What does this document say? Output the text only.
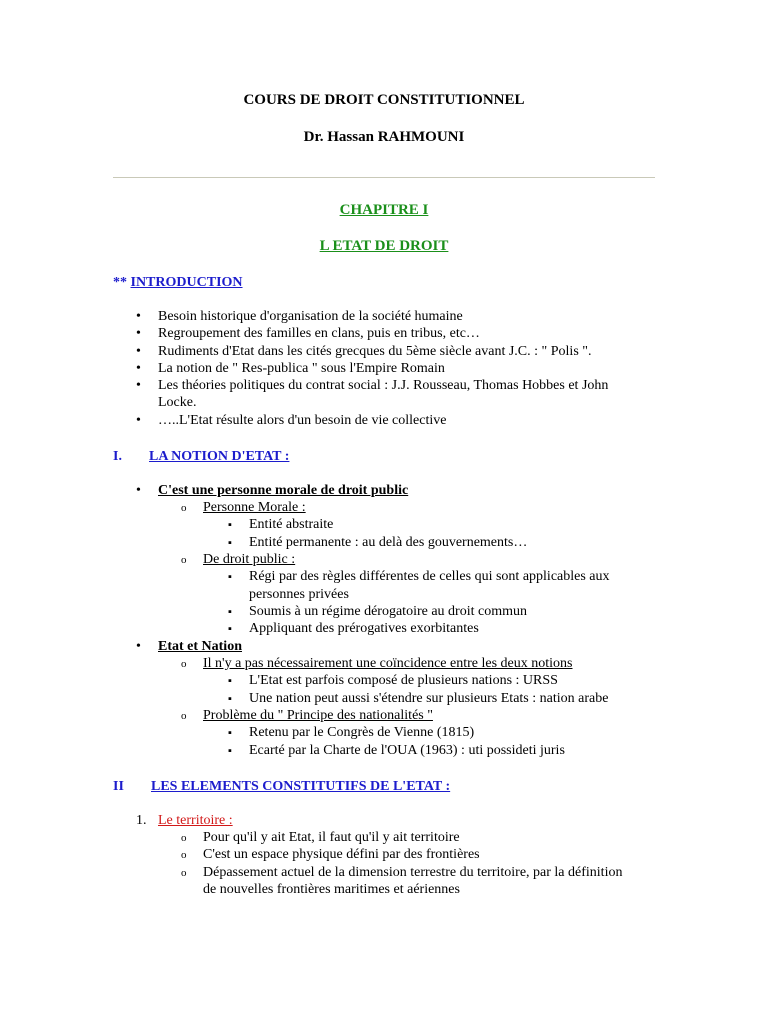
COURS DE DROIT CONSTITUTIONNEL
Dr. Hassan RAHMOUNI
CHAPITRE I
L ETAT DE DROIT
** INTRODUCTION
•
Besoin historique d'organisation de la société humaine
•
Regroupement des familles en clans, puis en tribus, etc…
•
Rudiments d'Etat dans les cités grecques du 5ème siècle avant J.C. : " Polis ".
•
La notion de " Res-publica " sous l'Empire Romain
•
Les théories politiques du contrat social : J.J. Rousseau, Thomas Hobbes et John
Locke.
•
…..L'Etat résulte alors d'un besoin de vie collective
I. LA NOTION D'ETAT :
•
C'est une personne morale de droit public
o
Personne Morale :
▪
Entité abstraite
▪
Entité permanente : au delà des gouvernements…
o
De droit public :
▪
Régi par des règles différentes de celles qui sont applicables aux
personnes privées
▪
Soumis à un régime dérogatoire au droit commun
▪
Appliquant des prérogatives exorbitantes
•
Etat et Nation
o
Il n'y a pas nécessairement une coïncidence entre les deux notions
▪
L'Etat est parfois composé de plusieurs nations : URSS
▪
Une nation peut aussi s'étendre sur plusieurs Etats : nation arabe
o
Problème du " Principe des nationalités "
▪
Retenu par le Congrès de Vienne (1815)
▪
Ecarté par la Charte de l'OUA (1963) : uti possideti juris
II LES ELEMENTS CONSTITUTIFS DE L'ETAT :
1. Le territoire :
o
Pour qu'il y ait Etat, il faut qu'il y ait territoire
o
C'est un espace physique défini par des frontières
o
Dépassement actuel de la dimension terrestre du territoire, par la définition
de nouvelles frontières maritimes et aériennes
